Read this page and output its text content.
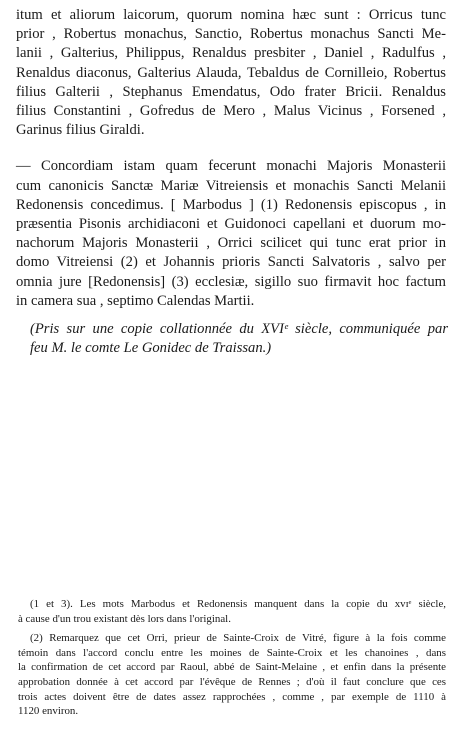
itum et aliorum laicorum, quorum nomina hæc sunt : Orricus tunc
prior , Robertus monachus, Sanctio, Robertus monachus Sancti Me-
lanii , Galterius, Philippus, Renaldus presbiter , Daniel , Radulfus ,
Renaldus diaconus, Galterius Alauda, Tebaldus de Cornilleio, Robertus
filius Galterii , Stephanus Emendatus, Odo frater Bricii. Renaldus
filius Constantini , Gofredus de Mero , Malus Vicinus , Forsened ,
Garinus filius Giraldi.

— Concordiam istam quam fecerunt monachi Majoris Monasterii
cum canonicis Sanctæ Mariæ Vitreiensis et monachis Sancti Melanii
Redonensis concedimus. [ Marbodus ] (1) Redonensis episcopus , in
præsentia Pisonis archidiaconi et Guidonoci capellani et duorum mo-
nachorum Majoris Monasterii , Orrici scilicet qui tunc erat prior in
domo Vitreiensi (2) et Johannis prioris Sancti Salvatoris , salvo per
omnia jure [Redonensis] (3) ecclesiæ, sigillo suo firmavit hoc factum
in camera sua , septimo Calendas Martii.

(Pris sur une copie collationnée du XVIᵉ siècle, communiquée par
feu M. le comte Le Gonidec de Traissan.)
(1 et 3). Les mots Marbodus et Redonensis manquent dans la copie du xvɪᵉ siècle,
à cause d'un trou existant dès lors dans l'original.
(2) Remarquez que cet Orri, prieur de Sainte-Croix de Vitré, figure à la fois comme
témoin dans l'accord conclu entre les moines de Sainte-Croix et les chanoines , dans
la confirmation de cet accord par Raoul, abbé de Saint-Melaine , et enfin dans la présente
approbation donnée à cet accord par l'évêque de Rennes ; d'où il faut conclure que ces
trois actes doivent être de dates assez rapprochées , comme , par exemple de 1110 à
1120 environ.
